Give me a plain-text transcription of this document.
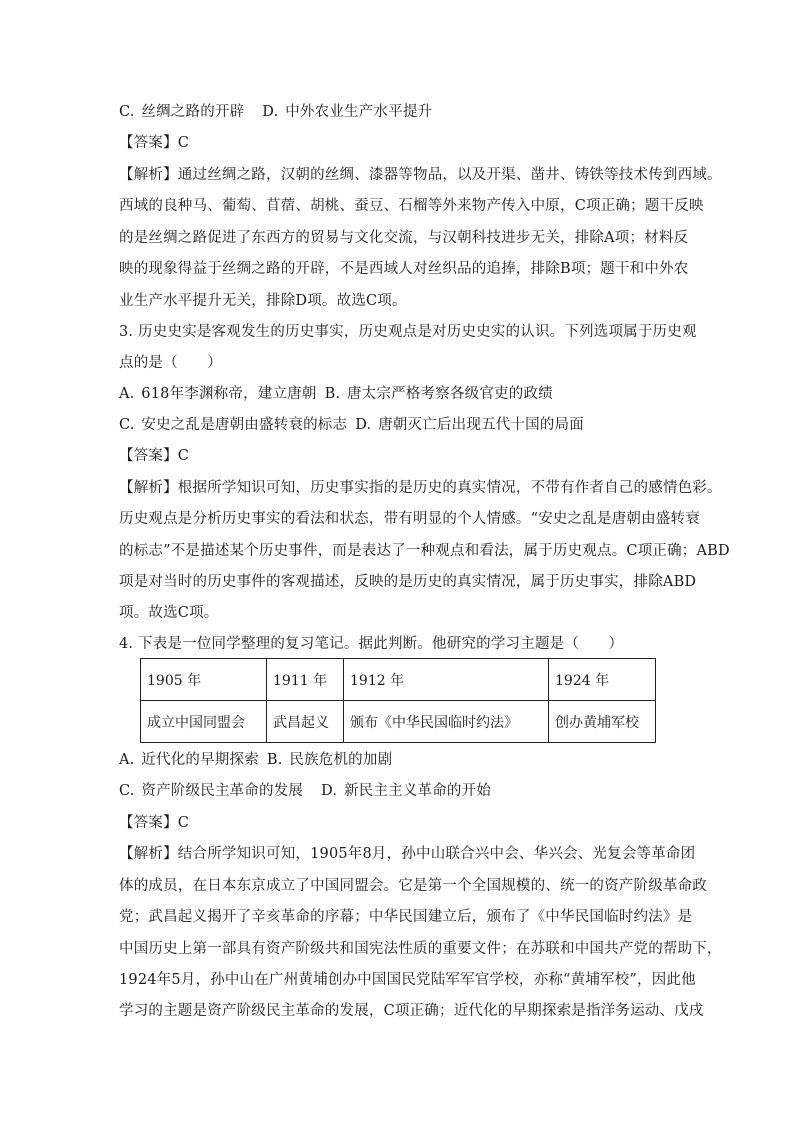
C. 丝绸之路的开辟 D. 中外农业生产水平提升
【答案】C
【解析】通过丝绸之路，汉朝的丝绸、漆器等物品，以及开渠、凿井、铸铁等技术传到西域。
西域的良种马、葡萄、苜蓿、胡桃、蚕豆、石榴等外来物产传入中原，C项正确；题干反映
的是丝绸之路促进了东西方的贸易与文化交流，与汉朝科技进步无关，排除A项；材料反
映的现象得益于丝绸之路的开辟，不是西域人对丝织品的追捧，排除B项；题干和中外农
业生产水平提升无关，排除D项。故选C项。
3. 历史史实是客观发生的历史事实，历史观点是对历史史实的认识。下列选项属于历史观
点的是（　　）
A. 618年李渊称帝，建立唐朝 B. 唐太宗严格考察各级官吏的政绩
C. 安史之乱是唐朝由盛转衰的标志 D. 唐朝灭亡后出现五代十国的局面
【答案】C
【解析】根据所学知识可知，历史事实指的是历史的真实情况，不带有作者自己的感情色彩。
历史观点是分析历史事实的看法和状态，带有明显的个人情感。“安史之乱是唐朝由盛转衰
的标志”不是描述某个历史事件，而是表达了一种观点和看法，属于历史观点。C项正确；ABD
项是对当时的历史事件的客观描述，反映的是历史的真实情况，属于历史事实，排除ABD
项。故选C项。
4. 下表是一位同学整理的复习笔记。据此判断。他研究的学习主题是（　　）
1905 年	1911 年	1912 年	1924 年
成立中国同盟会	武昌起义	颁布《中华民国临时约法》	创办黄埔军校
A. 近代化的早期探索 B. 民族危机的加剧
C. 资产阶级民主革命的发展 D. 新民主主义革命的开始
【答案】C
【解析】结合所学知识可知，1905年8月，孙中山联合兴中会、华兴会、光复会等革命团
体的成员，在日本东京成立了中国同盟会。它是第一个全国规模的、统一的资产阶级革命政
党；武昌起义揭开了辛亥革命的序幕；中华民国建立后，颁布了《中华民国临时约法》是
中国历史上第一部具有资产阶级共和国宪法性质的重要文件；在苏联和中国共产党的帮助下，
1924年5月，孙中山在广州黄埔创办中国国民党陆军军官学校，亦称“黄埔军校”，因此他
学习的主题是资产阶级民主革命的发展，C项正确；近代化的早期探索是指洋务运动、戊戌
